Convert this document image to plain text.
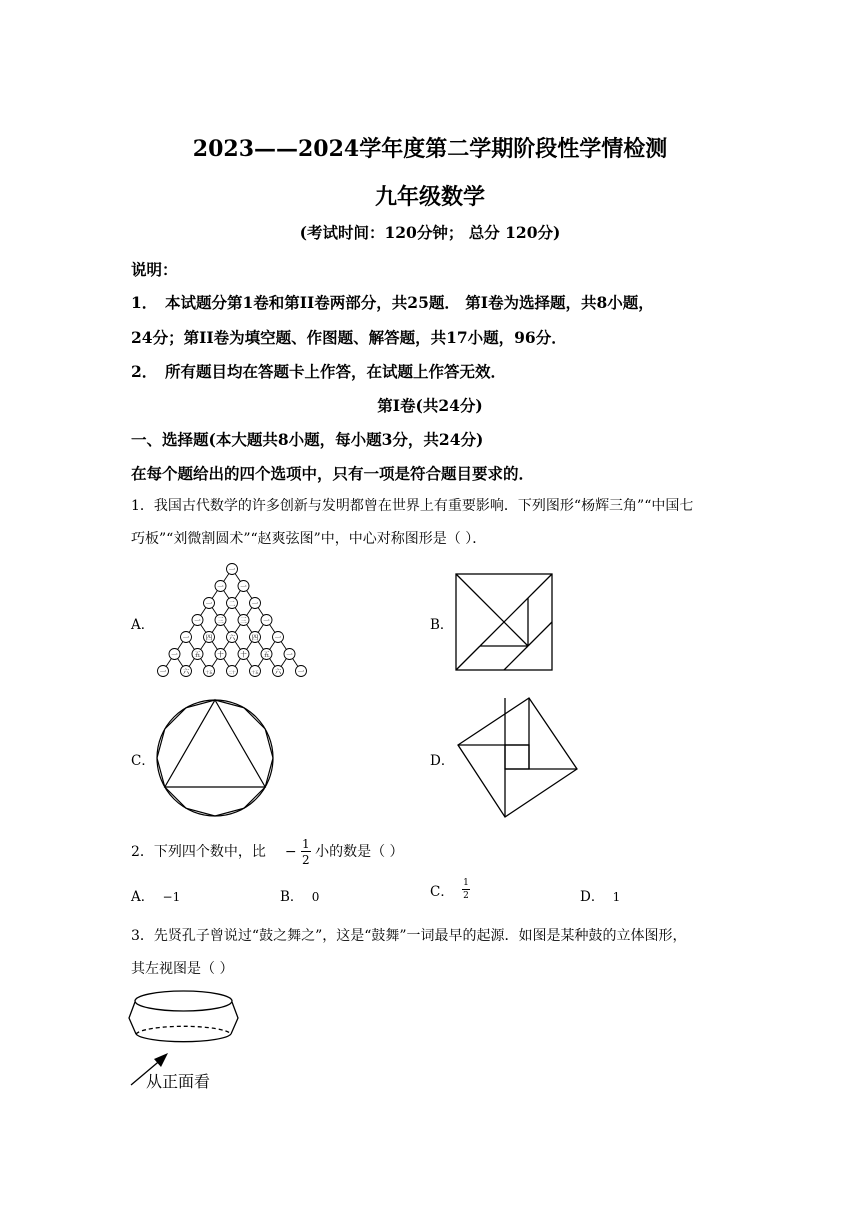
2023——2024学年度第二学期阶段性学情检测
九年级数学
(考试时间：120分钟； 总分 120分)
说明：
1． 本试题分第1卷和第II卷两部分，共25题． 第I卷为选择题，共8小题，
24分；第II卷为填空题、作图题、解答题，共17小题，96分．
2． 所有题目均在答题卡上作答，在试题上作答无效．
第I卷(共24分)
一、选择题(本大题共8小题，每小题3分，共24分)
在每个题给出的四个选项中，只有一项是符合题目要求的．
1．我国古代数学的许多创新与发明都曾在世界上有重要影响．下列图形“杨辉三角”“中国七
巧板”“刘微割圆术”“赵爽弦图”中，中心对称图形是（ ）．
A．	B．
C．	D．
一
一	一
一	二	一
一	三	三	一
一	四	六	四	一
一	五	十	十	五	一
一	六	十五	二十	十五 六	一
2．下列四个数中，比 − $\frac{1}{2}$ 小的数是（ ）
A． −1	B． 0	C． $\frac{1}{2}$	D． 1
3．先贤孔子曾说过“鼓之舞之”，这是“鼓舞”一词最早的起源．如图是某种鼓的立体图形，
其左视图是（ ）
从正面看
